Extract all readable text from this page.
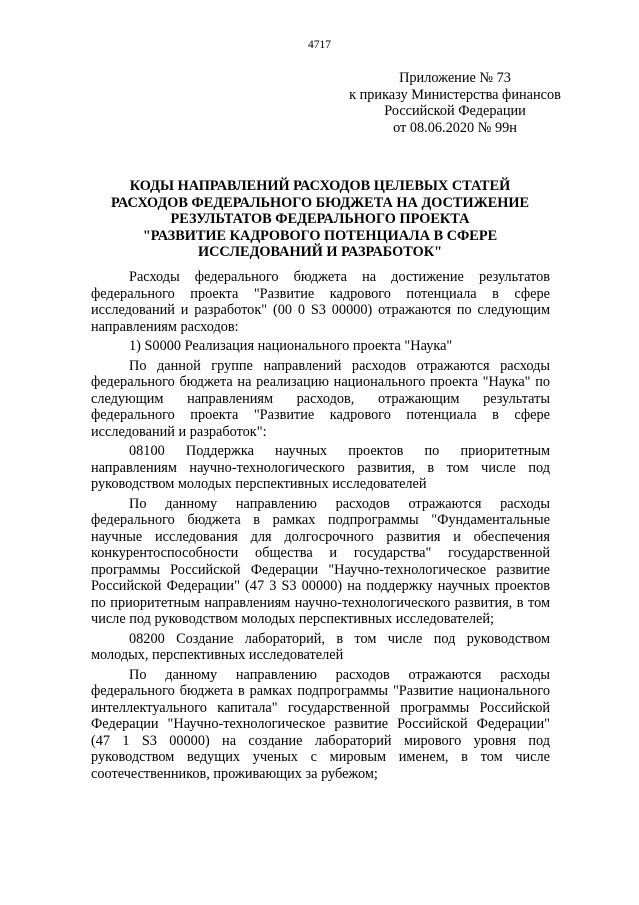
4717
Приложение № 73
к приказу Министерства финансов
Российской Федерации
от 08.06.2020 № 99н
КОДЫ НАПРАВЛЕНИЙ РАСХОДОВ ЦЕЛЕВЫХ СТАТЕЙ
РАСХОДОВ ФЕДЕРАЛЬНОГО БЮДЖЕТА НА ДОСТИЖЕНИЕ
РЕЗУЛЬТАТОВ ФЕДЕРАЛЬНОГО ПРОЕКТА
"РАЗВИТИЕ КАДРОВОГО ПОТЕНЦИАЛА В СФЕРЕ
ИССЛЕДОВАНИЙ И РАЗРАБОТОК"

Расходы федерального бюджета на достижение результатов федерального проекта "Развитие кадрового потенциала в сфере исследований и разработок" (00 0 S3 00000) отражаются по следующим направлениям расходов:

1) S0000 Реализация национального проекта "Наука"

По данной группе направлений расходов отражаются расходы федерального бюджета на реализацию национального проекта "Наука" по следующим направлениям расходов, отражающим результаты федерального проекта "Развитие кадрового потенциала в сфере исследований и разработок":

08100 Поддержка научных проектов по приоритетным направлениям научно-технологического развития, в том числе под руководством молодых перспективных исследователей

По данному направлению расходов отражаются расходы федерального бюджета в рамках подпрограммы "Фундаментальные научные исследования для долгосрочного развития и обеспечения конкурентоспособности общества и государства" государственной программы Российской Федерации "Научно-технологическое развитие Российской Федерации" (47 3 S3 00000) на поддержку научных проектов по приоритетным направлениям научно-технологического развития, в том числе под руководством молодых перспективных исследователей;

08200 Создание лабораторий, в том числе под руководством молодых, перспективных исследователей

По данному направлению расходов отражаются расходы федерального бюджета в рамках подпрограммы "Развитие национального интеллектуального капитала" государственной программы Российской Федерации "Научно-технологическое развитие Российской Федерации" (47 1 S3 00000) на создание лабораторий мирового уровня под руководством ведущих ученых с мировым именем, в том числе соотечественников, проживающих за рубежом;
